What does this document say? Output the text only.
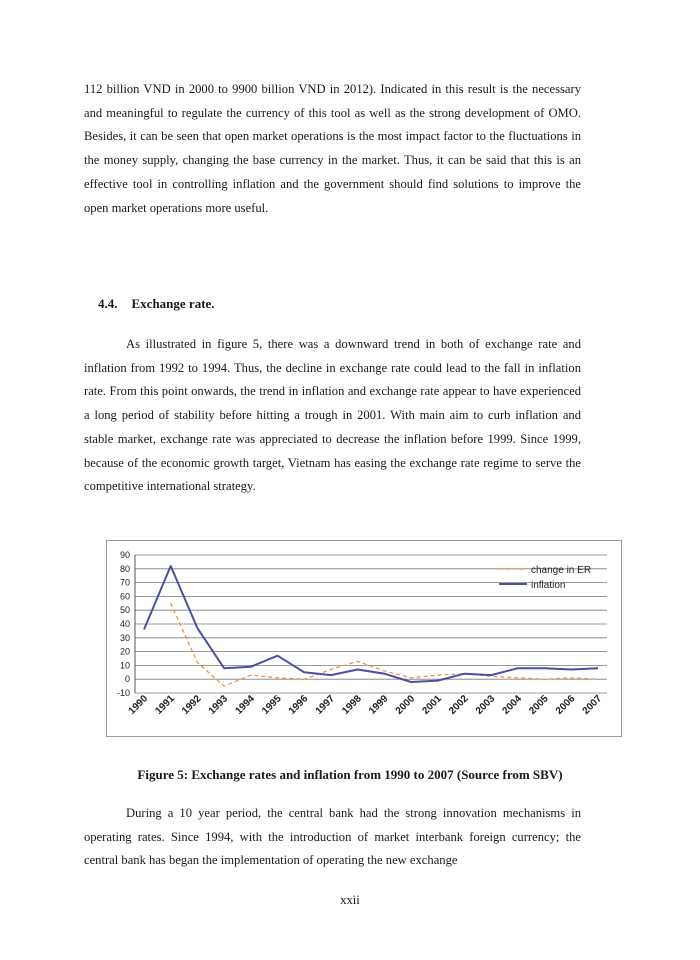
112 billion VND in 2000 to 9900 billion VND in 2012). Indicated in this result is the necessary and meaningful to regulate the currency of this tool as well as the strong development of OMO. Besides, it can be seen that open market operations is the most impact factor to the fluctuations in the money supply, changing the base currency in the market. Thus, it can be said that this is an effective tool in controlling inflation and the government should find solutions to improve the open market operations more useful.

4.4. Exchange rate.

As illustrated in figure 5, there was a downward trend in both of exchange rate and inflation from 1992 to 1994. Thus, the decline in exchange rate could lead to the fall in inflation rate. From this point onwards, the trend in inflation and exchange rate appear to have experienced a long period of stability before hitting a trough in 2001. With main aim to curb inflation and stable market, exchange rate was appreciated to decrease the inflation before 1999. Since 1999, because of the economic growth target, Vietnam has easing the exchange rate regime to serve the competitive international strategy.

-10
0
10
20
30
40
50
60
70
80
90
1990 1991 1992 1993 1994 1995 1996 1997 1998 1999 2000 2001 2002 2003 2004 2005 2006 2007
change in ER
inflation

Figure 5: Exchange rates and inflation from 1990 to 2007 (Source from SBV)

During a 10 year period, the central bank had the strong innovation mechanisms in operating rates. Since 1994, with the introduction of market interbank foreign currency; the central bank has began the implementation of operating the new exchange

xxii
